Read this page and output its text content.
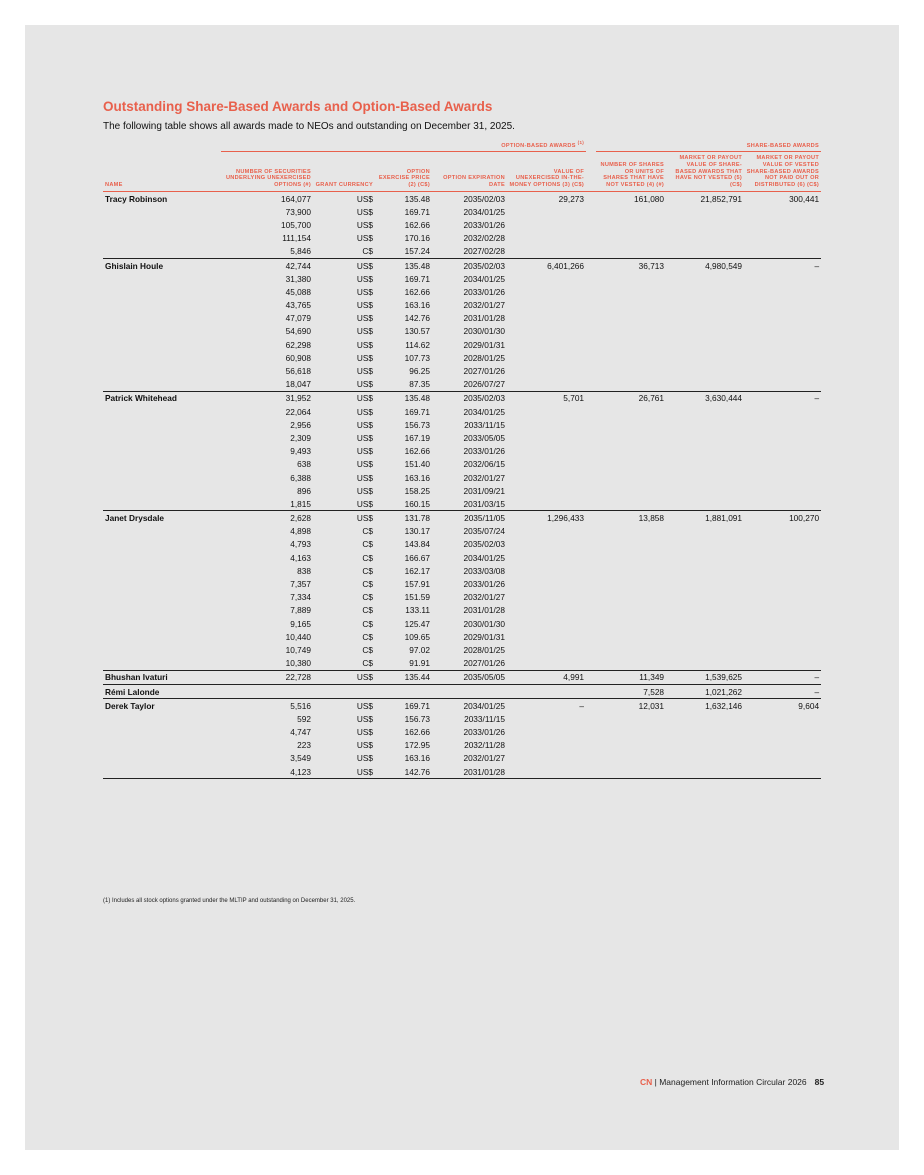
Outstanding Share-Based Awards and Option-Based Awards
The following table shows all awards made to NEOs and outstanding on December 31, 2025.
	OPTION-BASED AWARDS $^{(1)}$						SHARE-BASED AWARDS		
NAME	NUMBER OF SECURITIES UNDERLYING UNEXERCISED OPTIONS (#)	GRANT CURRENCY	OPTION EXERCISE PRICE (2) (C$)	OPTION EXPIRATION DATE	VALUE OF UNEXERCISED IN-THE-MONEY OPTIONS (3) (C$)		NUMBER OF SHARES OR UNITS OF SHARES THAT HAVE NOT VESTED (4) (#)	MARKET OR PAYOUT VALUE OF SHARE-BASED AWARDS THAT HAVE NOT VESTED (5) (C$)	MARKET OR PAYOUT VALUE OF VESTED SHARE-BASED AWARDS NOT PAID OUT OR DISTRIBUTED (6) (C$)
Tracy Robinson	164,077	US$	135.48	2035/02/03	29,273		161,080	21,852,791	300,441
	73,900	US$	169.71	2034/01/25					
	105,700	US$	162.66	2033/01/26					
	111,154	US$	170.16	2032/02/28					
	5,846	C$	157.24	2027/02/28					
Ghislain Houle	42,744	US$	135.48	2035/02/03	6,401,266		36,713	4,980,549	–
	31,380	US$	169.71	2034/01/25					
	45,088	US$	162.66	2033/01/26					
	43,765	US$	163.16	2032/01/27					
	47,079	US$	142.76	2031/01/28					
	54,690	US$	130.57	2030/01/30					
	62,298	US$	114.62	2029/01/31					
	60,908	US$	107.73	2028/01/25					
	56,618	US$	96.25	2027/01/26					
	18,047	US$	87.35	2026/07/27					
Patrick Whitehead	31,952	US$	135.48	2035/02/03	5,701		26,761	3,630,444	–
	22,064	US$	169.71	2034/01/25					
	2,956	US$	156.73	2033/11/15					
	2,309	US$	167.19	2033/05/05					
	9,493	US$	162.66	2033/01/26					
	638	US$	151.40	2032/06/15					
	6,388	US$	163.16	2032/01/27					
	896	US$	158.25	2031/09/21					
	1,815	US$	160.15	2031/03/15					
Janet Drysdale	2,628	US$	131.78	2035/11/05	1,296,433		13,858	1,881,091	100,270
	4,898	C$	130.17	2035/07/24					
	4,793	C$	143.84	2035/02/03					
	4,163	C$	166.67	2034/01/25					
	838	C$	162.17	2033/03/08					
	7,357	C$	157.91	2033/01/26					
	7,334	C$	151.59	2032/01/27					
	7,889	C$	133.11	2031/01/28					
	9,165	C$	125.47	2030/01/30					
	10,440	C$	109.65	2029/01/31					
	10,749	C$	97.02	2028/01/25					
	10,380	C$	91.91	2027/01/26					
Bhushan Ivaturi	22,728	US$	135.44	2035/05/05	4,991		11,349	1,539,625	–
Rémi Lalonde							7,528	1,021,262	–
Derek Taylor	5,516	US$	169.71	2034/01/25	–		12,031	1,632,146	9,604
	592	US$	156.73	2033/11/15					
	4,747	US$	162.66	2033/01/26					
	223	US$	172.95	2032/11/28					
	3,549	US$	163.16	2032/01/27					
	4,123	US$	142.76	2031/01/28					
(1) Includes all stock options granted under the MLTIP and outstanding on December 31, 2025.
CN | Management Information Circular 2026 85
